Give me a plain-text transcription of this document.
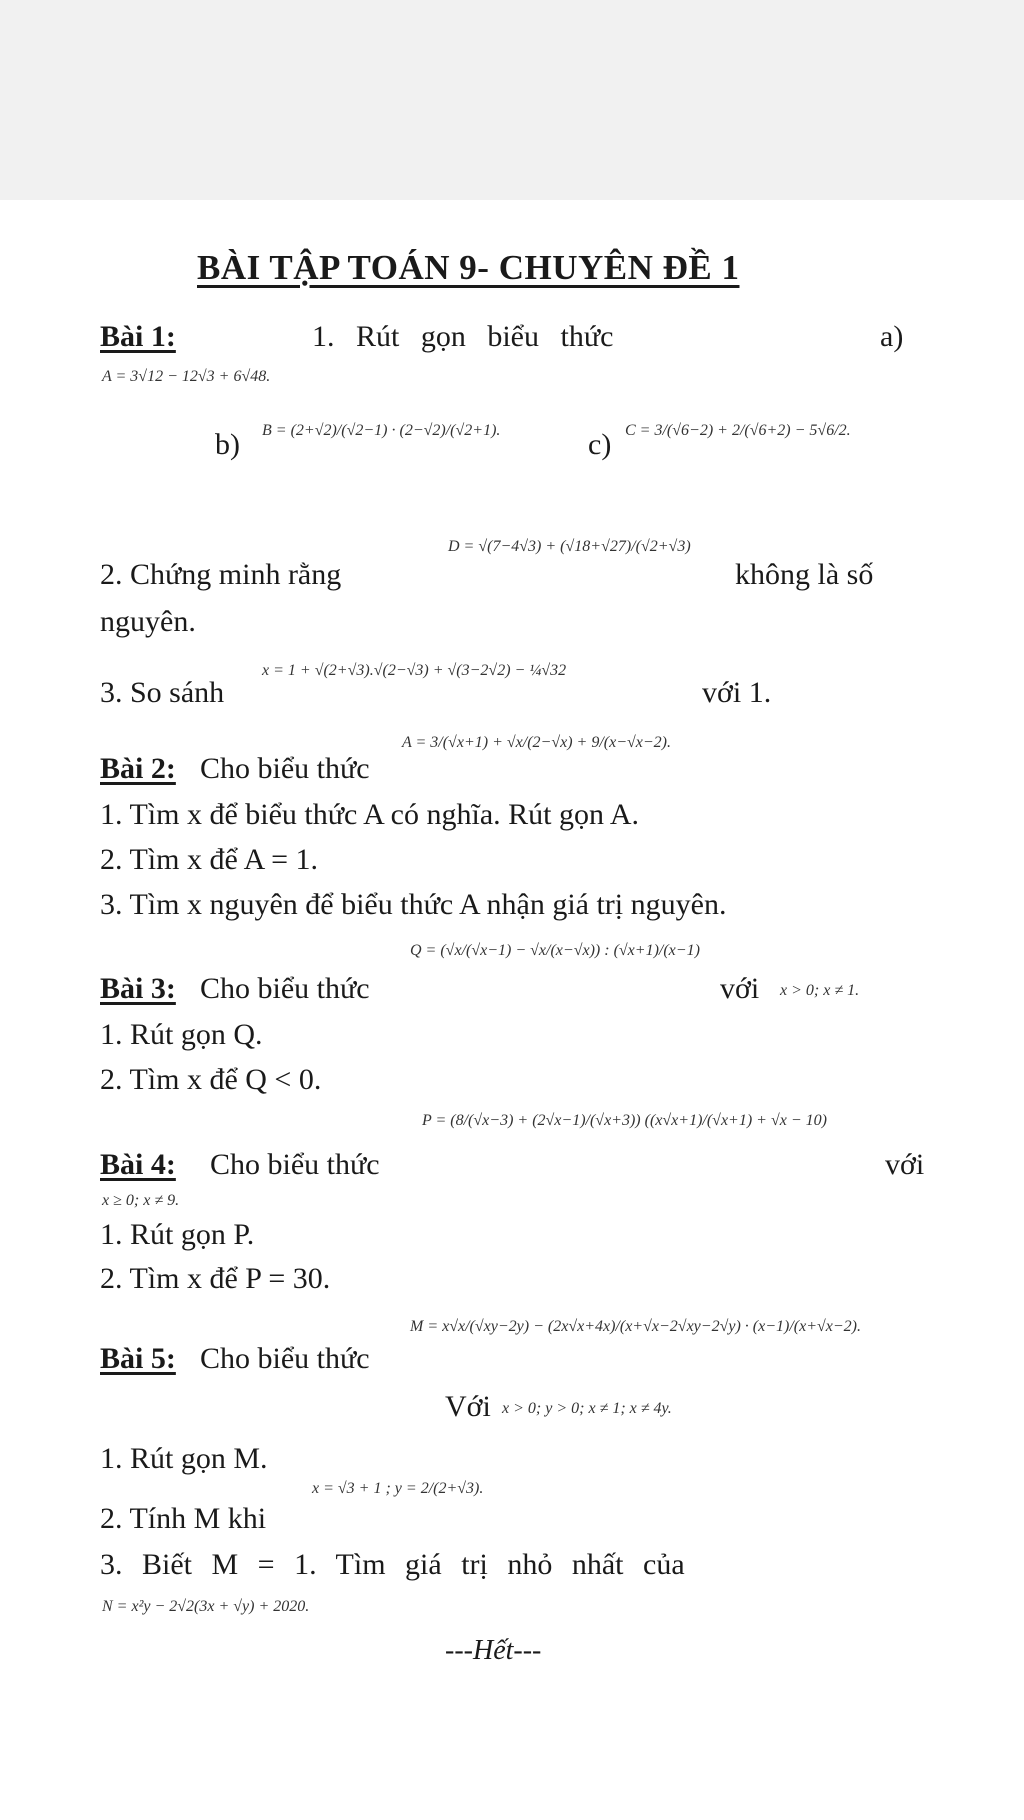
BÀI TẬP TOÁN 9- CHUYÊN ĐỀ 1
Bài 1:	1. Rút gọn biểu thức	a)
A = 3√12 − 12√3 + 6√48.
b) B = (2+√2)/(√2−1) · (2−√2)/(√2+1).	c) C = 3/(√6−2) + 2/(√6+2) − 5√6/2.
2. Chứng minh rằng
D = √(7−4√3) + (√18+√27)/(√2+√3)
không là số
nguyên.
3. So sánh
x = 1 + √(2+√3).√(2−√3) + √(3−2√2) − ¼√32
với 1.
Bài 2: Cho biểu thức
A = 3/(√x+1) + √x/(2−√x) + 9/(x−√x−2).
1. Tìm x để biểu thức A có nghĩa. Rút gọn A.
2. Tìm x để A = 1.
3. Tìm x nguyên để biểu thức A nhận giá trị nguyên.
Bài 3: Cho biểu thức
Q = (√x/(√x−1) − √x/(x−√x)) : (√x+1)/(x−1)
với x > 0; x ≠ 1.
1. Rút gọn Q.
2. Tìm x để Q < 0.
Bài 4: Cho biểu thức
P = (8/(√x−3) + (2√x−1)/(√x+3)) ((x√x+1)/(√x+1) + √x − 10)
với
x ≥ 0; x ≠ 9.
1. Rút gọn P.
2. Tìm x để P = 30.
Bài 5: Cho biểu thức
M = x√x/(√xy−2y) − (2x√x+4x)/(x+√x−2√xy−2√y) · (x−1)/(x+√x−2).
Với x > 0; y > 0; x ≠ 1; x ≠ 4y.
1. Rút gọn M.
2. Tính M khi
x = √3 + 1 ; y = 2/(2+√3).
3. Biết M = 1. Tìm giá trị nhỏ nhất của
N = x²y − 2√2(3x + √y) + 2020.
---Hết---
